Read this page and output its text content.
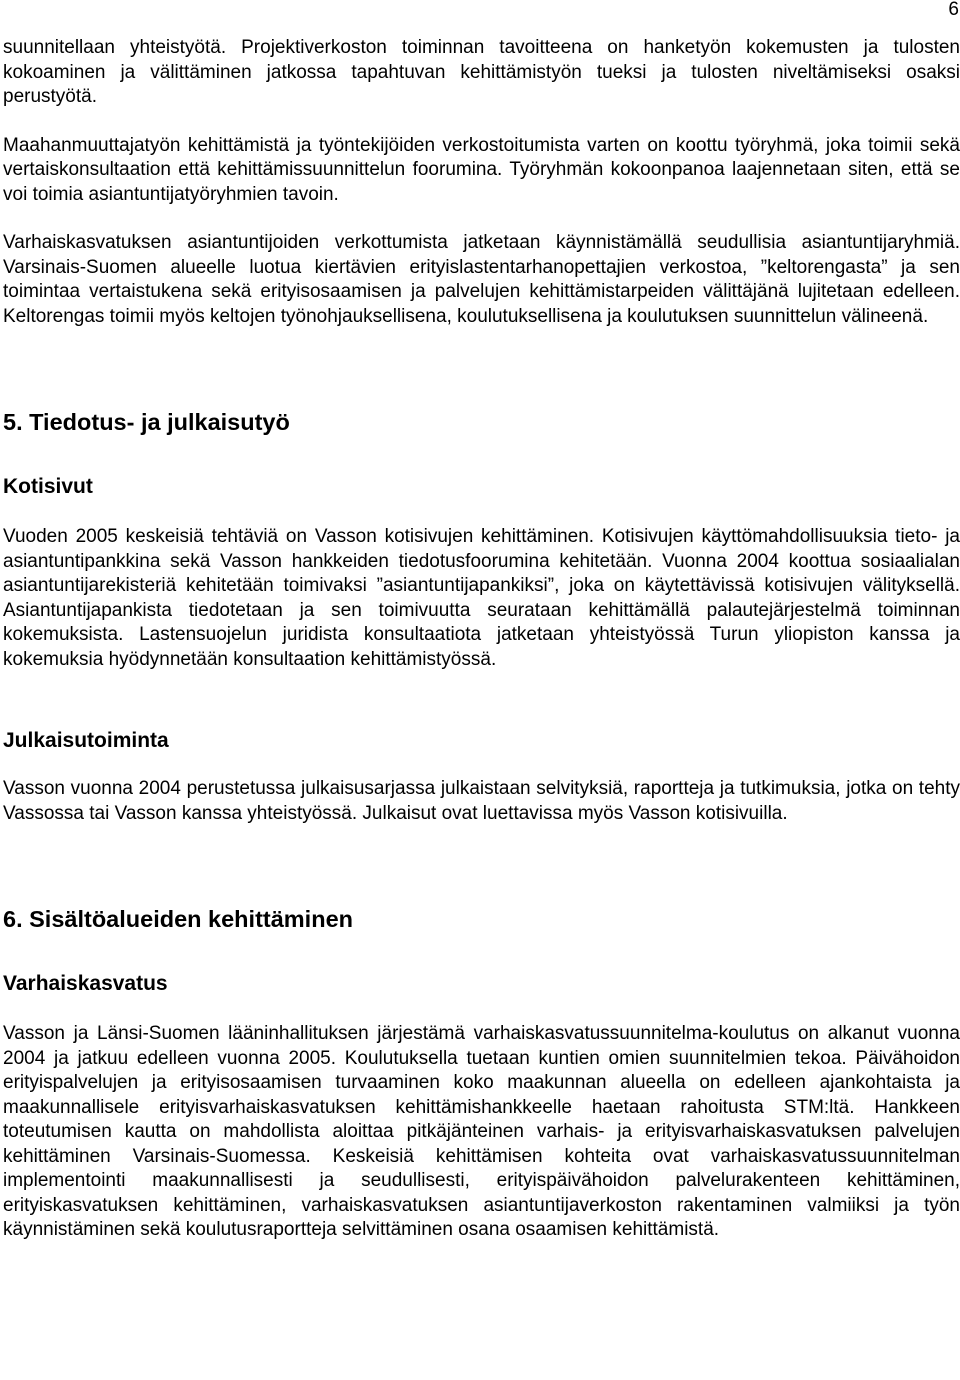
6

suunnitellaan yhteistyötä. Projektiverkoston toiminnan tavoitteena on hanketyön kokemusten ja tulosten kokoaminen ja välittäminen jatkossa tapahtuvan kehittämistyön tueksi ja tulosten niveltämiseksi osaksi perustyötä.

Maahanmuuttajatyön kehittämistä ja työntekijöiden verkostoitumista varten on koottu työryhmä, joka toimii sekä vertaiskonsultaation että kehittämissuunnittelun foorumina. Työryhmän kokoonpanoa laajennetaan siten, että se voi toimia asiantuntijatyöryhmien tavoin.

Varhaiskasvatuksen asiantuntijoiden verkottumista jatketaan käynnistämällä seudullisia asiantuntijaryhmiä. Varsinais-Suomen alueelle luotua kiertävien erityislastentarhanopettajien verkostoa, ”keltorengasta” ja sen toimintaa vertaistukena sekä erityisosaamisen ja palvelujen kehittämistarpeiden välittäjänä lujitetaan edelleen. Keltorengas toimii myös keltojen työnohjauksellisena, koulutuksellisena ja koulutuksen suunnittelun välineenä.

5. Tiedotus- ja julkaisutyö
Kotisivut

Vuoden 2005 keskeisiä tehtäviä on Vasson kotisivujen kehittäminen. Kotisivujen käyttömahdollisuuksia tieto- ja asiantuntipankkina sekä Vasson hankkeiden tiedotusfoorumina kehitetään. Vuonna 2004 koottua sosiaalialan asiantuntijarekisteriä kehitetään toimivaksi ”asiantuntijapankiksi”, joka on käytettävissä kotisivujen välityksellä. Asiantuntijapankista tiedotetaan ja sen toimivuutta seurataan kehittämällä palautejärjestelmä toiminnan kokemuksista. Lastensuojelun juridista konsultaatiota jatketaan yhteistyössä Turun yliopiston kanssa ja kokemuksia hyödynnetään konsultaation kehittämistyössä.

Julkaisutoiminta

Vasson vuonna 2004 perustetussa julkaisusarjassa julkaistaan selvityksiä, raportteja ja tutkimuksia, jotka on tehty Vassossa tai Vasson kanssa yhteistyössä. Julkaisut ovat luettavissa myös Vasson kotisivuilla.

6. Sisältöalueiden kehittäminen
Varhaiskasvatus

Vasson ja Länsi-Suomen lääninhallituksen järjestämä varhaiskasvatussuunnitelma-koulutus on alkanut vuonna 2004 ja jatkuu edelleen vuonna 2005. Koulutuksella tuetaan kuntien omien suunnitelmien tekoa. Päivähoidon erityispalvelujen ja erityisosaamisen turvaaminen koko maakunnan alueella on edelleen ajankohtaista ja maakunnallisele erityisvarhaiskasvatuksen kehittämishankkeelle haetaan rahoitusta STM:ltä. Hankkeen toteutumisen kautta on mahdollista aloittaa pitkäjänteinen varhais- ja erityisvarhaiskasvatuksen palvelujen kehittäminen Varsinais-Suomessa. Keskeisiä kehittämisen kohteita ovat varhaiskasvatussuunnitelman implementointi maakunnallisesti ja seudullisesti, erityispäivähoidon palvelurakenteen kehittäminen, erityiskasvatuksen kehittäminen, varhaiskasvatuksen asiantuntijaverkoston rakentaminen valmiiksi ja työn käynnistäminen sekä koulutusraportteja selvittäminen osana osaamisen kehittämistä.
